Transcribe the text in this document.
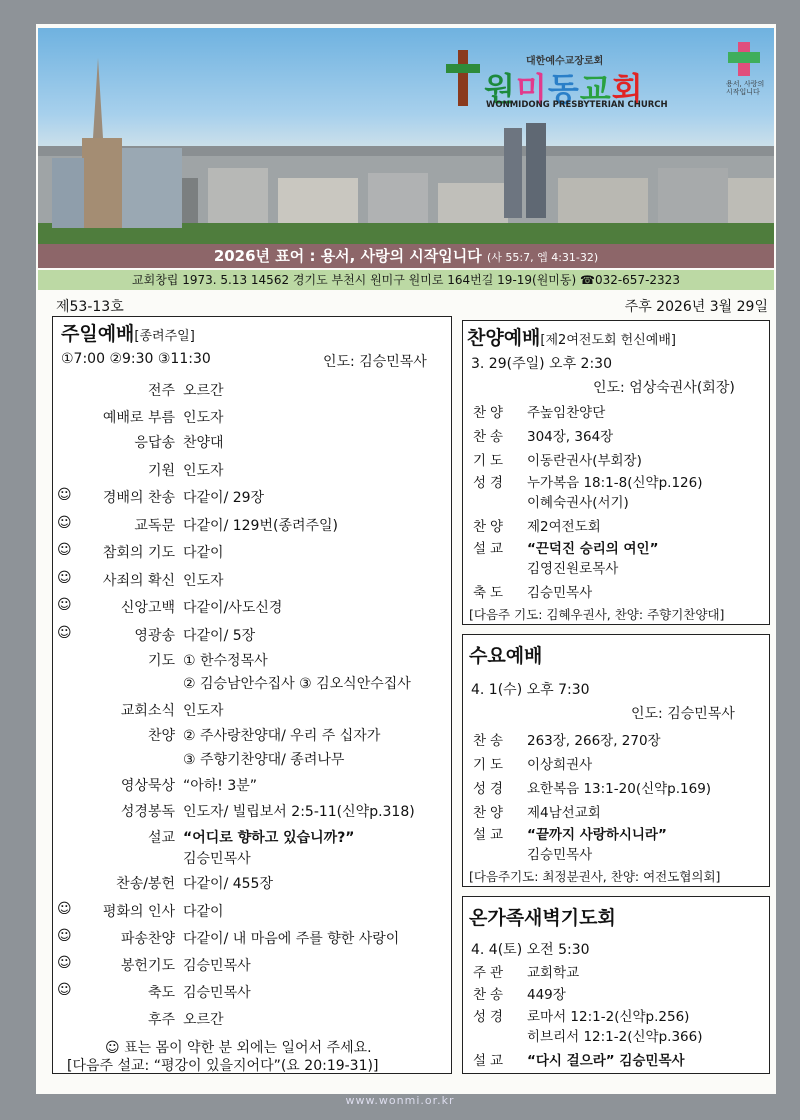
대한예수교장로회
원미동교회
WONMIDONG PRESBYTERIAN CHURCH
용서, 사랑의 시작입니다
2026년 표어 : 용서, 사랑의 시작입니다 (사 55:7, 엡 4:31-32)
교회창립 1973. 5.13 14562 경기도 부천시 원미구 원미로 164번길 19-19(원미동) ☎032-657-2323
제53-13호	주후 2026년 3월 29일
주일예배[종려주일]
①7:00 ②9:30 ③11:30	인도: 김승민목사
전주 오르간
예배로 부름 인도자
응답송 찬양대
기원 인도자
☺	경배의 찬송 다같이/ 29장
☺	교독문 다같이/ 129번(종려주일)
☺	참회의 기도 다같이
☺	사죄의 확신 인도자
☺	신앙고백 다같이/사도신경
☺	영광송 다같이/ 5장
기도 ① 한수정목사
② 김승남안수집사 ③ 김오식안수집사
교회소식 인도자
찬양 ② 주사랑찬양대/ 우리 주 십자가
③ 주향기찬양대/ 종려나무
영상묵상 “아하! 3분”
성경봉독 인도자/ 빌립보서 2:5-11(신약p.318)
설교 “어디로 향하고 있습니까?”
김승민목사
찬송/봉헌 다같이/ 455장
☺	평화의 인사 다같이
☺	파송찬양 다같이/ 내 마음에 주를 향한 사랑이
☺	봉헌기도 김승민목사
☺	축도 김승민목사
후주 오르간
☺ 표는 몸이 약한 분 외에는 일어서 주세요.
[다음주 설교: “평강이 있을지어다”(요 20:19-31)]
찬양예배[제2여전도회 헌신예배]
3. 29(주일) 오후 2:30
인도: 엄상숙권사(회장)
찬양 주높임찬양단
찬송 304장, 364장
기도 이동란권사(부회장)
성경 누가복음 18:1-8(신약p.126)
이혜숙권사(서기)
찬양 제2여전도회
설교 “끈덕진 승리의 여인”
김영진원로목사
축도 김승민목사
[다음주 기도: 김혜우권사, 찬양: 주향기찬양대]
수요예배
4. 1(수) 오후 7:30
인도: 김승민목사
찬송 263장, 266장, 270장
기도 이상희권사
성경 요한복음 13:1-20(신약p.169)
찬양 제4남선교회
설교 “끝까지 사랑하시니라”
김승민목사
[다음주기도: 최정분권사, 찬양: 여전도협의회]
온가족새벽기도회
4. 4(토) 오전 5:30
주관 교회학교
찬송 449장
성경 로마서 12:1-2(신약p.256)
히브리서 12:1-2(신약p.366)
설교 “다시 걸으라” 김승민목사
www.wonmi.or.kr
